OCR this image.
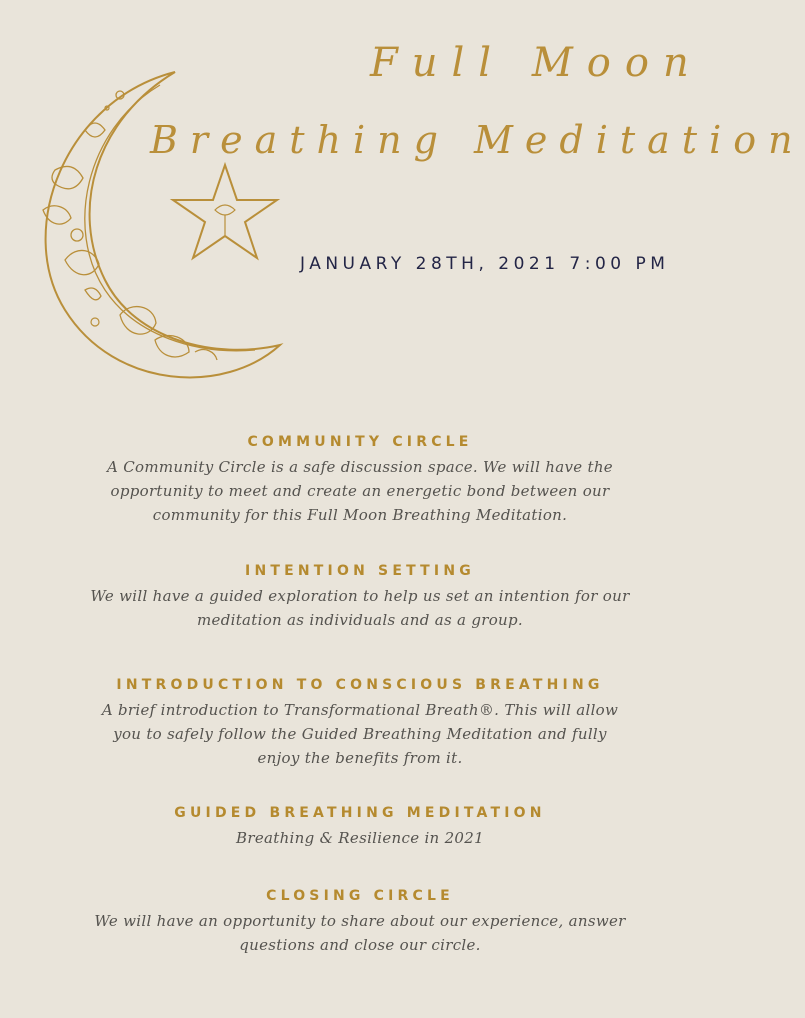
Full Moon
Breathing Meditation
JANUARY 28TH, 2021 7:00 PM

COMMUNITY CIRCLE

A Community Circle is a safe discussion space. We will have the opportunity to meet and create an energetic bond between our community for this Full Moon Breathing Meditation.

INTENTION SETTING

We will have a guided exploration to help us set an intention for our meditation as individuals and as a group.

INTRODUCTION TO CONSCIOUS BREATHING

A brief introduction to Transformational Breath®. This will allow you to safely follow the Guided Breathing Meditation and fully enjoy the benefits from it.

GUIDED BREATHING MEDITATION

Breathing & Resilience in 2021

CLOSING CIRCLE

We will have an opportunity to share about our experience, answer questions and close our circle.
